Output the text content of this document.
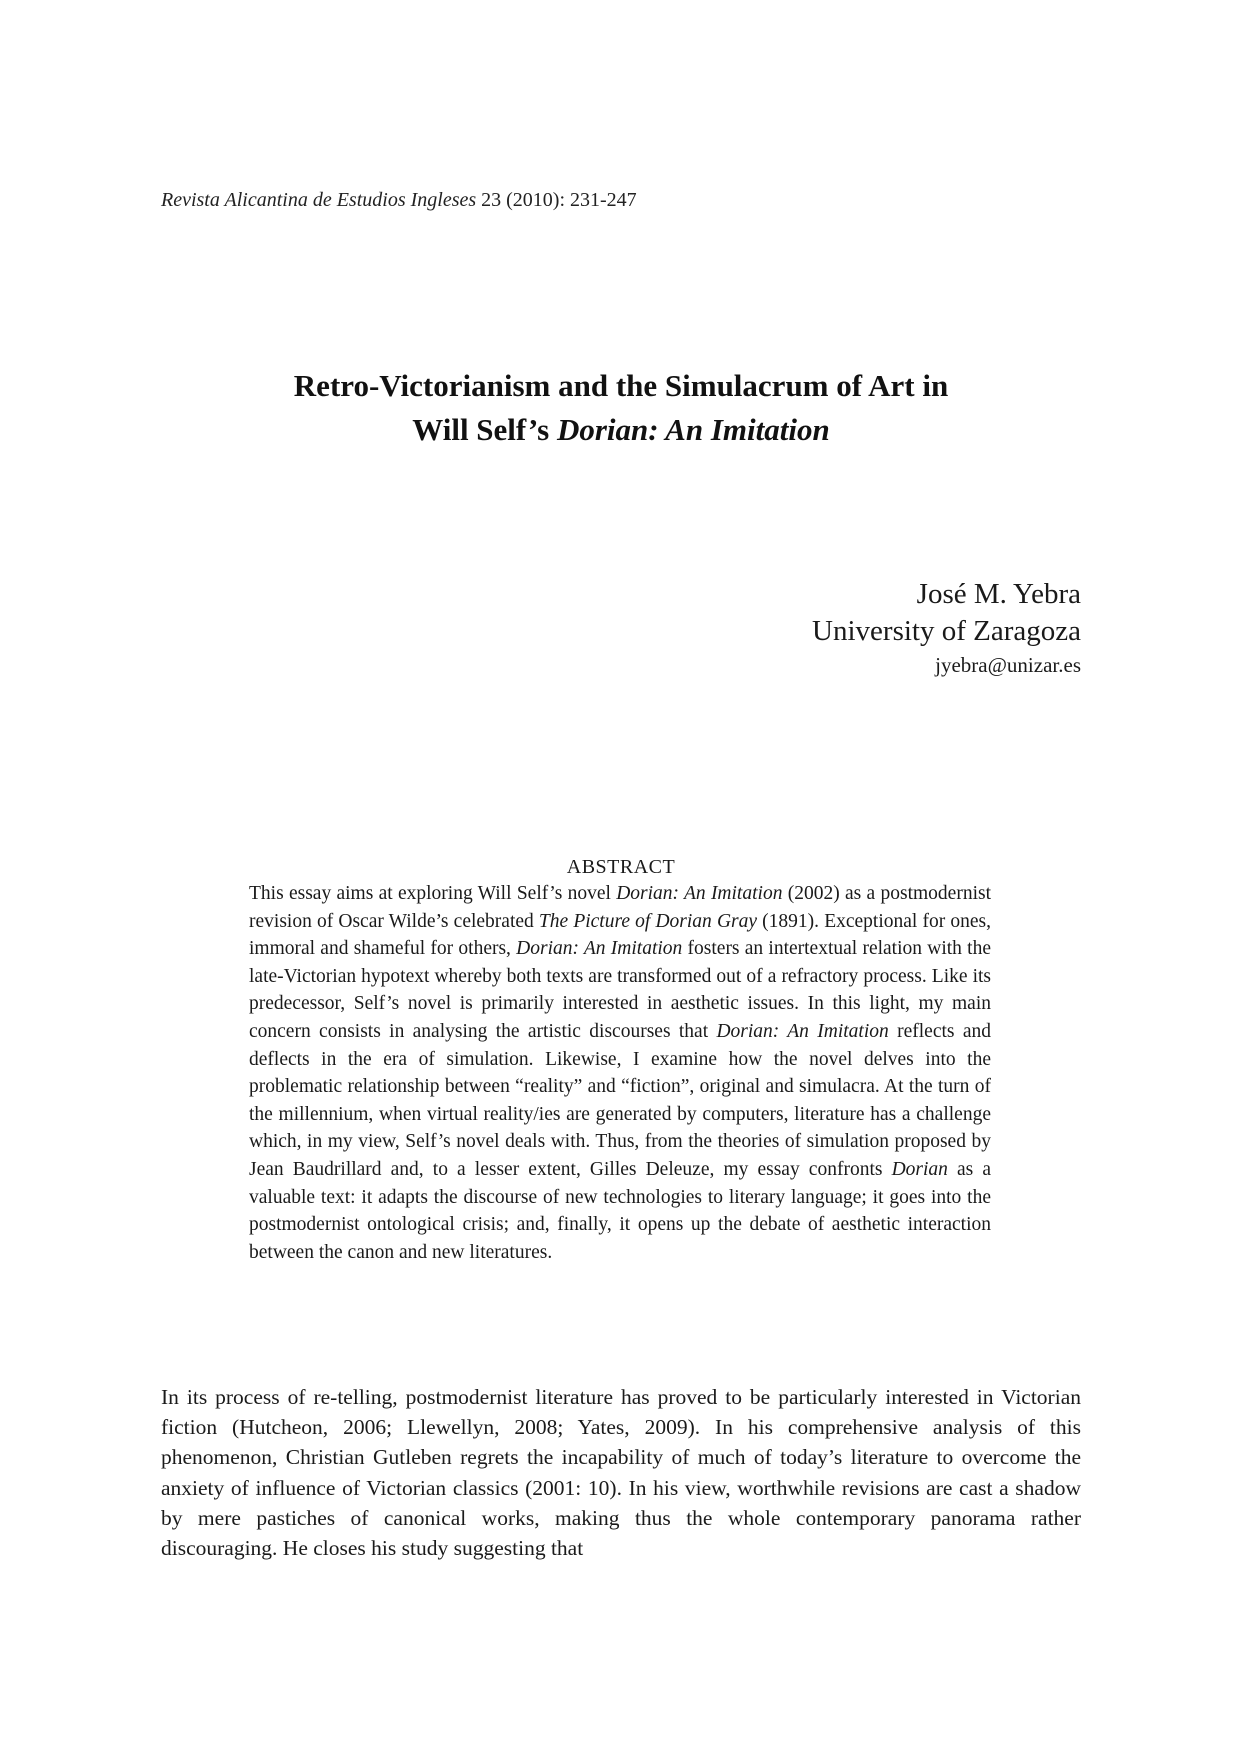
Revista Alicantina de Estudios Ingleses 23 (2010): 231-247
Retro-Victorianism and the Simulacrum of Art in
Will Self’s Dorian: An Imitation
José M. Yebra
University of Zaragoza
jyebra@unizar.es
ABSTRACT
This essay aims at exploring Will Self’s novel Dorian: An Imitation (2002) as a postmodernist revision of Oscar Wilde’s celebrated The Picture of Dorian Gray (1891). Exceptional for ones, immoral and shameful for others, Dorian: An Imitation fosters an intertextual relation with the late-Victorian hypotext whereby both texts are transformed out of a refractory process. Like its predecessor, Self’s novel is primarily interested in aesthetic issues. In this light, my main concern consists in analysing the artistic discourses that Dorian: An Imitation reflects and deflects in the era of simulation. Likewise, I examine how the novel delves into the problematic relationship between “reality” and “fiction”, original and simulacra. At the turn of the millennium, when virtual reality/ies are generated by computers, literature has a challenge which, in my view, Self’s novel deals with. Thus, from the theories of simulation proposed by Jean Baudrillard and, to a lesser extent, Gilles Deleuze, my essay confronts Dorian as a valuable text: it adapts the discourse of new technologies to literary language; it goes into the postmodernist ontological crisis; and, finally, it opens up the debate of aesthetic interaction between the canon and new literatures.
In its process of re-telling, postmodernist literature has proved to be particularly interested in Victorian fiction (Hutcheon, 2006; Llewellyn, 2008; Yates, 2009). In his comprehensive analysis of this phenomenon, Christian Gutleben regrets the incapability of much of today’s literature to overcome the anxiety of influence of Victorian classics (2001: 10). In his view, worthwhile revisions are cast a shadow by mere pastiches of canonical works, making thus the whole contemporary panorama rather discouraging. He closes his study suggesting that
